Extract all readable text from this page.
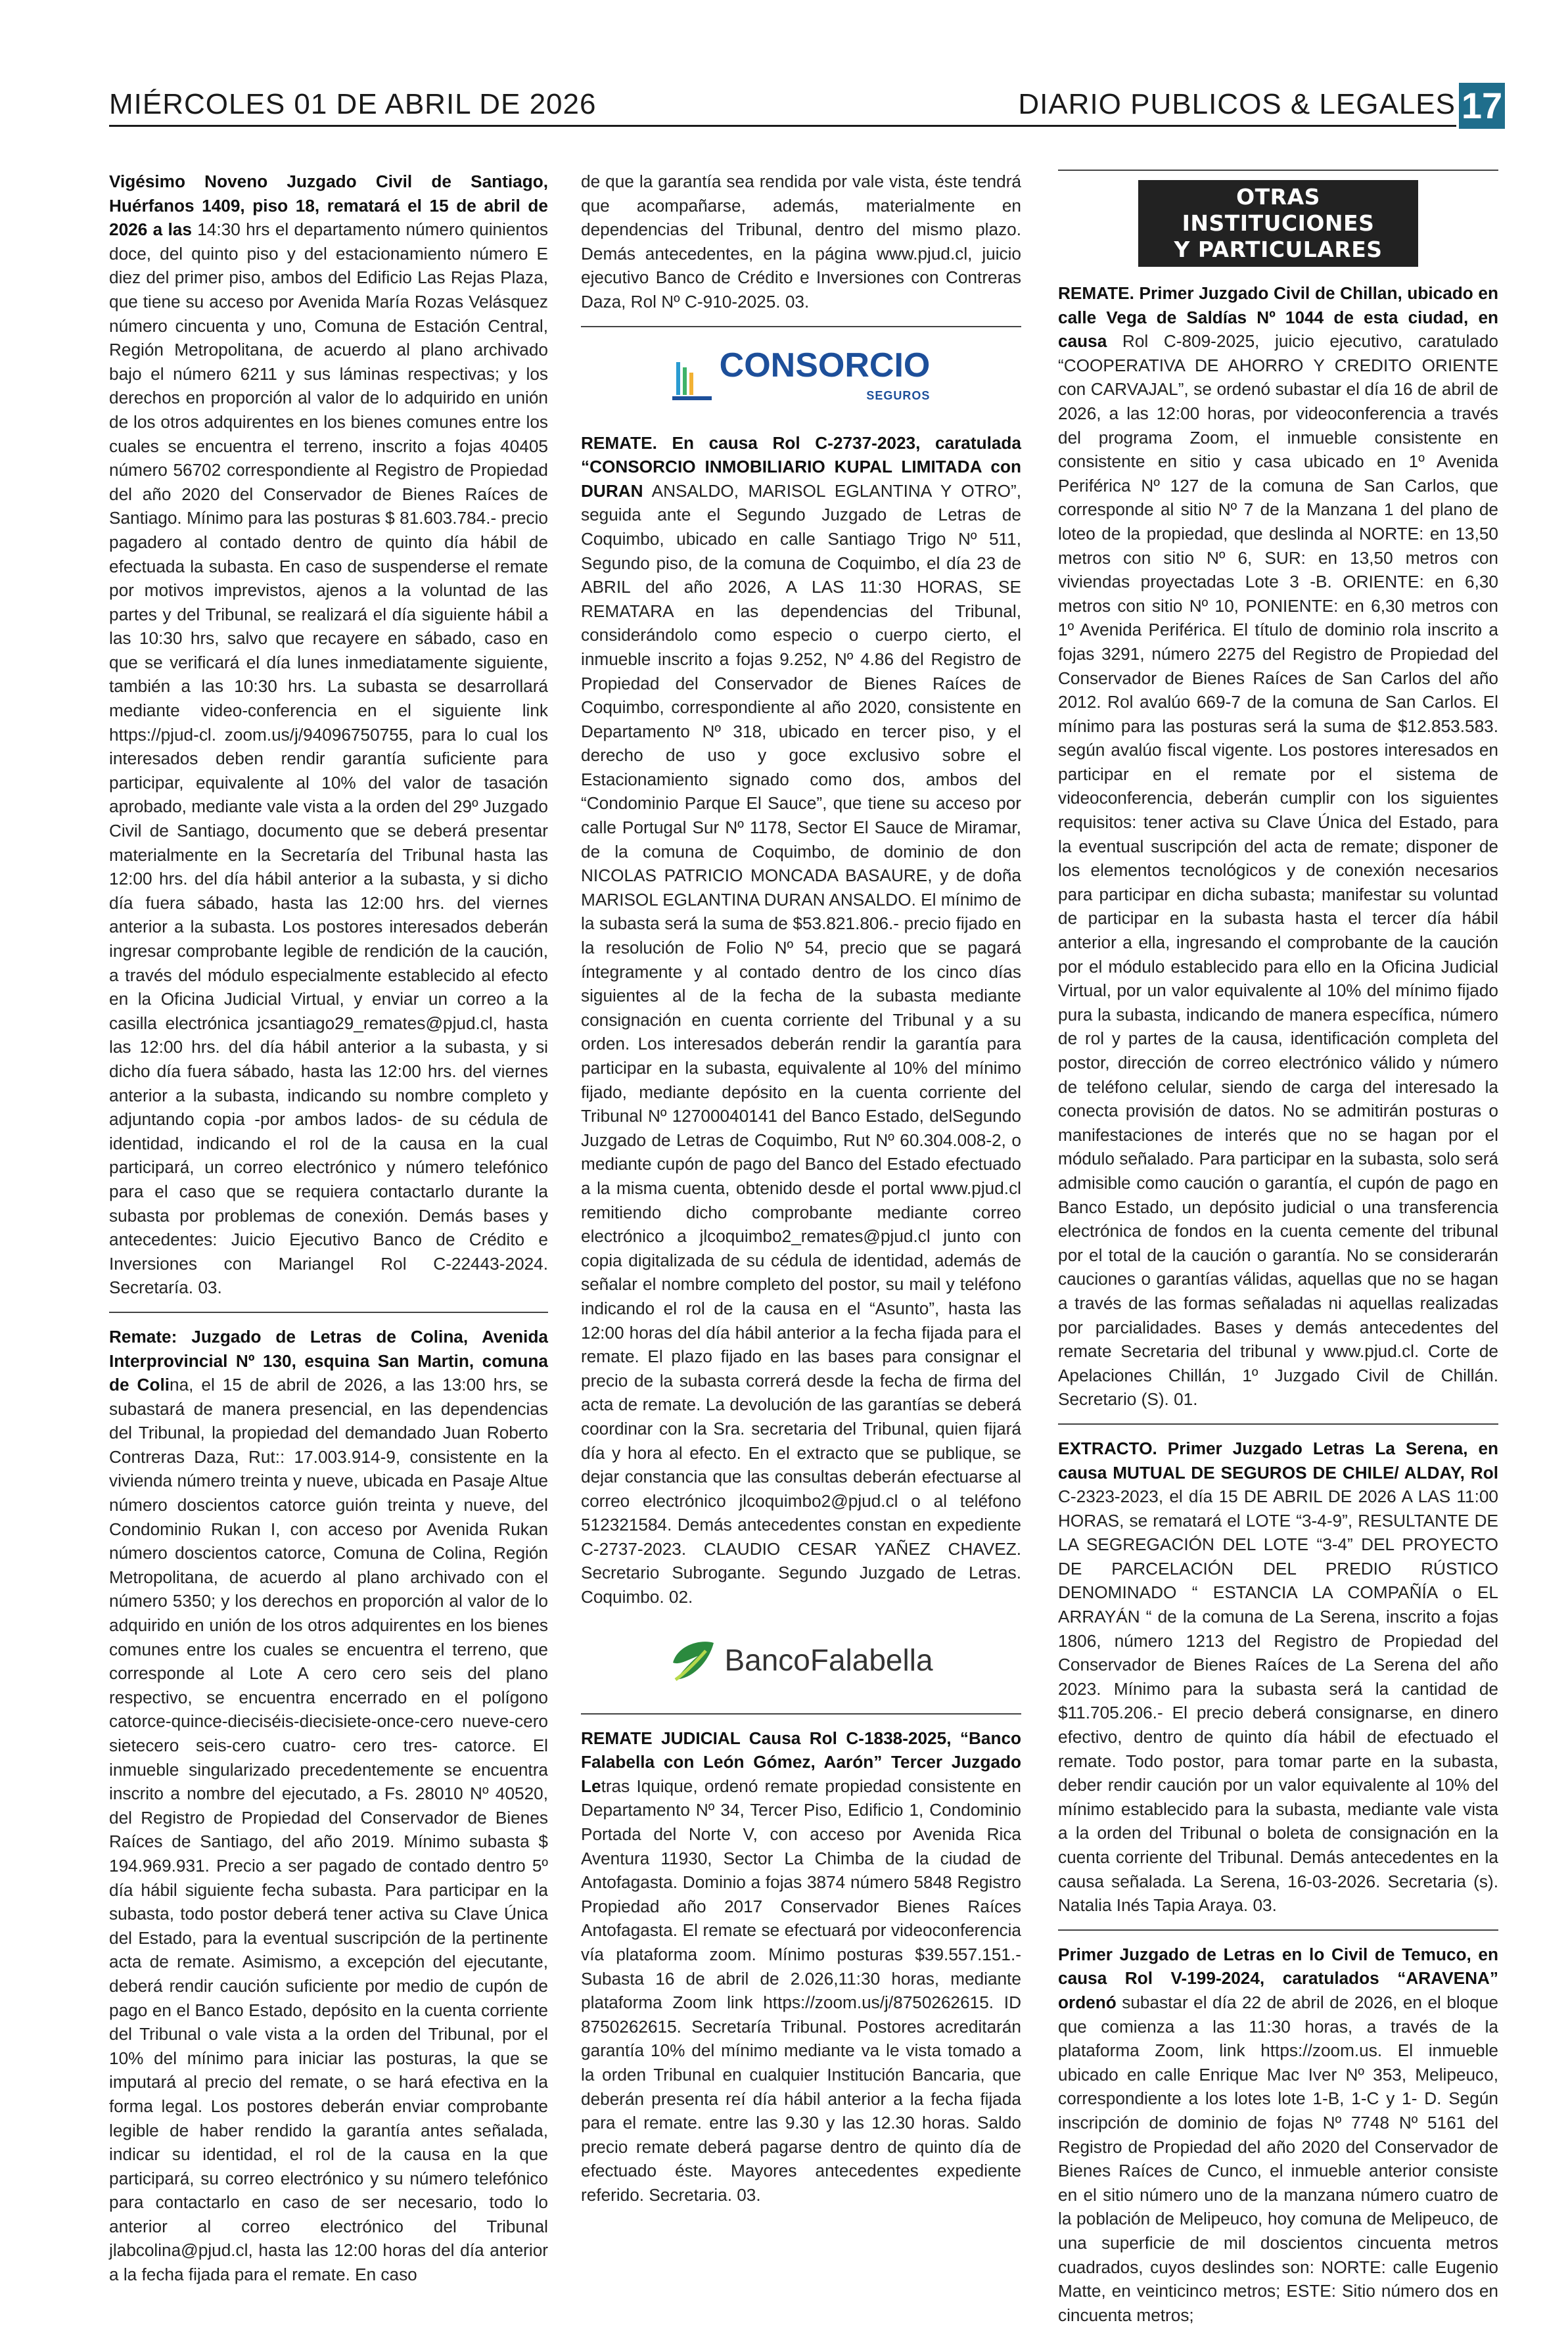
MIÉRCOLES 01 DE ABRIL DE 2026	DIARIO PUBLICOS & LEGALES 17

Vigésimo Noveno Juzgado Civil de Santiago, Huérfanos 1409, piso 18, rematará el 15 de abril de 2026 a las 14:30 hrs el departamento número quinientos doce, del quinto piso y del estacionamiento número E diez del primer piso, ambos del Edificio Las Rejas Plaza, que tiene su acceso por Avenida María Rozas Velásquez número cincuenta y uno, Comuna de Estación Central, Región Metropolitana, de acuerdo al plano archivado bajo el número 6211 y sus láminas respectivas; y los derechos en proporción al valor de lo adquirido en unión de los otros adquirentes en los bienes comunes entre los cuales se encuentra el terreno, inscrito a fojas 40405 número 56702 correspondiente al Registro de Propiedad del año 2020 del Conservador de Bienes Raíces de Santiago. Mínimo para las posturas $ 81.603.784.- precio pagadero al contado dentro de quinto día hábil de efectuada la subasta. En caso de suspenderse el remate por motivos imprevistos, ajenos a la voluntad de las partes y del Tribunal, se realizará el día siguiente hábil a las 10:30 hrs, salvo que recayere en sábado, caso en que se verificará el día lunes inmediatamente siguiente, también a las 10:30 hrs. La subasta se desarrollará mediante video-conferencia en el siguiente link https://pjud-cl. zoom.us/j/94096750755, para lo cual los interesados deben rendir garantía suficiente para participar, equivalente al 10% del valor de tasación aprobado, mediante vale vista a la orden del 29º Juzgado Civil de Santiago, documento que se deberá presentar materialmente en la Secretaría del Tribunal hasta las 12:00 hrs. del día hábil anterior a la subasta, y si dicho día fuera sábado, hasta las 12:00 hrs. del viernes anterior a la subasta. Los postores interesados deberán ingresar comprobante legible de rendición de la caución, a través del módulo especialmente establecido al efecto en la Oficina Judicial Virtual, y enviar un correo a la casilla electrónica jcsantiago29_remates@pjud.cl, hasta las 12:00 hrs. del día hábil anterior a la subasta, y si dicho día fuera sábado, hasta las 12:00 hrs. del viernes anterior a la subasta, indicando su nombre completo y adjuntando copia -por ambos lados- de su cédula de identidad, indicando el rol de la causa en la cual participará, un correo electrónico y número telefónico para el caso que se requiera contactarlo durante la subasta por problemas de conexión. Demás bases y antecedentes: Juicio Ejecutivo Banco de Crédito e Inversiones con Mariangel Rol C-22443-2024. Secretaría. 03.

Remate: Juzgado de Letras de Colina, Avenida Interprovincial Nº 130, esquina San Martin, comuna de Colina, el 15 de abril de 2026, a las 13:00 hrs, se subastará de manera presencial, en las dependencias del Tribunal, la propiedad del demandado Juan Roberto Contreras Daza, Rut:: 17.003.914-9, consistente en la vivienda número treinta y nueve, ubicada en Pasaje Altue número doscientos catorce guión treinta y nueve, del Condominio Rukan I, con acceso por Avenida Rukan número doscientos catorce, Comuna de Colina, Región Metropolitana, de acuerdo al plano archivado con el número 5350; y los derechos en proporción al valor de lo adquirido en unión de los otros adquirentes en los bienes comunes entre los cuales se encuentra el terreno, que corresponde al Lote A cero cero seis del plano respectivo, se encuentra encerrado en el polígono catorce-quince-dieciséis-diecisiete-once-cero nueve-cero sietecero seis-cero cuatro- cero tres- catorce. El inmueble singularizado precedentemente se encuentra inscrito a nombre del ejecutado, a Fs. 28010 Nº 40520, del Registro de Propiedad del Conservador de Bienes Raíces de Santiago, del año 2019. Mínimo subasta $ 194.969.931. Precio a ser pagado de contado dentro 5º día hábil siguiente fecha subasta. Para participar en la subasta, todo postor deberá tener activa su Clave Única del Estado, para la eventual suscripción de la pertinente acta de remate. Asimismo, a excepción del ejecutante, deberá rendir caución suficiente por medio de cupón de pago en el Banco Estado, depósito en la cuenta corriente del Tribunal o vale vista a la orden del Tribunal, por el 10% del mínimo para iniciar las posturas, la que se imputará al precio del remate, o se hará efectiva en la forma legal. Los postores deberán enviar comprobante legible de haber rendido la garantía antes señalada, indicar su identidad, el rol de la causa en la que participará, su correo electrónico y su número telefónico para contactarlo en caso de ser necesario, todo lo anterior al correo electrónico del Tribunal jlabcolina@pjud.cl, hasta las 12:00 horas del día anterior a la fecha fijada para el remate. En caso

de que la garantía sea rendida por vale vista, éste tendrá que acompañarse, además, materialmente en dependencias del Tribunal, dentro del mismo plazo. Demás antecedentes, en la página www.pjud.cl, juicio ejecutivo Banco de Crédito e Inversiones con Contreras Daza, Rol Nº C-910-2025. 03.

CONSORCIO
SEGUROS

REMATE. En causa Rol C-2737-2023, caratulada “CONSORCIO INMOBILIARIO KUPAL LIMITADA con DURAN ANSALDO, MARISOL EGLANTINA Y OTRO”, seguida ante el Segundo Juzgado de Letras de Coquimbo, ubicado en calle Santiago Trigo Nº 511, Segundo piso, de la comuna de Coquimbo, el día 23 de ABRIL del año 2026, A LAS 11:30 HORAS, SE REMATARA en las dependencias del Tribunal, considerándolo como especio o cuerpo cierto, el inmueble inscrito a fojas 9.252, Nº 4.86 del Registro de Propiedad del Conservador de Bienes Raíces de Coquimbo, correspondiente al año 2020, consistente en Departamento Nº 318, ubicado en tercer piso, y el derecho de uso y goce exclusivo sobre el Estacionamiento signado como dos, ambos del “Condominio Parque El Sauce”, que tiene su acceso por calle Portugal Sur Nº 1178, Sector El Sauce de Miramar, de la comuna de Coquimbo, de dominio de don NICOLAS PATRICIO MONCADA BASAURE, y de doña MARISOL EGLANTINA DURAN ANSALDO. El mínimo de la subasta será la suma de $53.821.806.- precio fijado en la resolución de Folio Nº 54, precio que se pagará íntegramente y al contado dentro de los cinco días siguientes al de la fecha de la subasta mediante consignación en cuenta corriente del Tribunal y a su orden. Los interesados deberán rendir la garantía para participar en la subasta, equivalente al 10% del mínimo fijado, mediante depósito en la cuenta corriente del Tribunal Nº 12700040141 del Banco Estado, delSegundo Juzgado de Letras de Coquimbo, Rut Nº 60.304.008-2, o mediante cupón de pago del Banco del Estado efectuado a la misma cuenta, obtenido desde el portal www.pjud.cl remitiendo dicho comprobante mediante correo electrónico a jlcoquimbo2_remates@pjud.cl junto con copia digitalizada de su cédula de identidad, además de señalar el nombre completo del postor, su mail y teléfono indicando el rol de la causa en el “Asunto”, hasta las 12:00 horas del día hábil anterior a la fecha fijada para el remate. El plazo fijado en las bases para consignar el precio de la subasta correrá desde la fecha de firma del acta de remate. La devolución de las garantías se deberá coordinar con la Sra. secretaria del Tribunal, quien fijará día y hora al efecto. En el extracto que se publique, se dejar constancia que las consultas deberán efectuarse al correo electrónico jlcoquimbo2@pjud.cl o al teléfono 512321584. Demás antecedentes constan en expediente C-2737-2023. CLAUDIO CESAR YAÑEZ CHAVEZ. Secretario Subrogante. Segundo Juzgado de Letras. Coquimbo. 02.

BancoFalabella

REMATE JUDICIAL Causa Rol C-1838-2025, “Banco Falabella con León Gómez, Aarón” Tercer Juzgado Letras Iquique, ordenó remate propiedad consistente en Departamento Nº 34, Tercer Piso, Edificio 1, Condominio Portada del Norte V, con acceso por Avenida Rica Aventura 11930, Sector La Chimba de la ciudad de Antofagasta. Dominio a fojas 3874 número 5848 Registro Propiedad año 2017 Conservador Bienes Raíces Antofagasta. El remate se efectuará por videoconferencia vía plataforma zoom. Mínimo posturas $39.557.151.- Subasta 16 de abril de 2.026,11:30 horas, mediante plataforma Zoom link https://zoom.us/j/8750262615. ID 8750262615. Secretaría Tribunal. Postores acreditarán garantía 10% del mínimo mediante va le vista tomado a la orden Tribunal en cualquier Institución Bancaria, que deberán presenta reí día hábil anterior a la fecha fijada para el remate. entre las 9.30 y las 12.30 horas. Saldo precio remate deberá pagarse dentro de quinto día de efectuado éste. Mayores antecedentes expediente referido. Secretaria. 03.

OTRAS INSTITUCIONES
Y PARTICULARES

REMATE. Primer Juzgado Civil de Chillan, ubicado en calle Vega de Saldías Nº 1044 de esta ciudad, en causa Rol C-809-2025, juicio ejecutivo, caratulado “COOPERATIVA DE AHORRO Y CREDITO ORIENTE con CARVAJAL”, se ordenó subastar el día 16 de abril de 2026, a las 12:00 horas, por videoconferencia a través del programa Zoom, el inmueble consistente en consistente en sitio y casa ubicado en 1º Avenida Periférica Nº 127 de la comuna de San Carlos, que corresponde al sitio Nº 7 de la Manzana 1 del plano de loteo de la propiedad, que deslinda al NORTE: en 13,50 metros con sitio Nº 6, SUR: en 13,50 metros con viviendas proyectadas Lote 3 -B. ORIENTE: en 6,30 metros con sitio Nº 10, PONIENTE: en 6,30 metros con 1º Avenida Periférica. El título de dominio rola inscrito a fojas 3291, número 2275 del Registro de Propiedad del Conservador de Bienes Raíces de San Carlos del año 2012. Rol avalúo 669-7 de la comuna de San Carlos. El mínimo para las posturas será la suma de $12.853.583. según avalúo fiscal vigente. Los postores interesados en participar en el remate por el sistema de videoconferencia, deberán cumplir con los siguientes requisitos: tener activa su Clave Única del Estado, para la eventual suscripción del acta de remate; disponer de los elementos tecnológicos y de conexión necesarios para participar en dicha subasta; manifestar su voluntad de participar en la subasta hasta el tercer día hábil anterior a ella, ingresando el comprobante de la caución por el módulo establecido para ello en la Oficina Judicial Virtual, por un valor equivalente al 10% del mínimo fijado pura la subasta, indicando de manera específica, número de rol y partes de la causa, identificación completa del postor, dirección de correo electrónico válido y número de teléfono celular, siendo de carga del interesado la conecta provisión de datos. No se admitirán posturas o manifestaciones de interés que no se hagan por el módulo señalado. Para participar en la subasta, solo será admisible como caución o garantía, el cupón de pago en Banco Estado, un depósito judicial o una transferencia electrónica de fondos en la cuenta cemente del tribunal por el total de la caución o garantía. No se considerarán cauciones o garantías válidas, aquellas que no se hagan a través de las formas señaladas ni aquellas realizadas por parcialidades. Bases y demás antecedentes del remate Secretaria del tribunal y www.pjud.cl. Corte de Apelaciones Chillán, 1º Juzgado Civil de Chillán. Secretario (S). 01.

EXTRACTO. Primer Juzgado Letras La Serena, en causa MUTUAL DE SEGUROS DE CHILE/ ALDAY, Rol C-2323-2023, el día 15 DE ABRIL DE 2026 A LAS 11:00 HORAS, se rematará el LOTE “3-4-9”, RESULTANTE DE LA SEGREGACIÓN DEL LOTE “3-4” DEL PROYECTO DE PARCELACIÓN DEL PREDIO RÚSTICO DENOMINADO “ ESTANCIA LA COMPAÑÍA o EL ARRAYÁN “ de la comuna de La Serena, inscrito a fojas 1806, número 1213 del Registro de Propiedad del Conservador de Bienes Raíces de La Serena del año 2023. Mínimo para la subasta será la cantidad de $11.705.206.- El precio deberá consignarse, en dinero efectivo, dentro de quinto día hábil de efectuado el remate. Todo postor, para tomar parte en la subasta, deber rendir caución por un valor equivalente al 10% del mínimo establecido para la subasta, mediante vale vista a la orden del Tribunal o boleta de consignación en la cuenta corriente del Tribunal. Demás antecedentes en la causa señalada. La Serena, 16-03-2026. Secretaria (s). Natalia Inés Tapia Araya. 03.

Primer Juzgado de Letras en lo Civil de Temuco, en causa Rol V-199-2024, caratulados “ARAVENA” ordenó subastar el día 22 de abril de 2026, en el bloque que comienza a las 11:30 horas, a través de la plataforma Zoom, link https://zoom.us. El inmueble ubicado en calle Enrique Mac Iver Nº 353, Melipeuco, correspondiente a los lotes lote 1-B, 1-C y 1- D. Según inscripción de dominio de fojas Nº 7748 Nº 5161 del Registro de Propiedad del año 2020 del Conservador de Bienes Raíces de Cunco, el inmueble anterior consiste en el sitio número uno de la manzana número cuatro de la población de Melipeuco, hoy comuna de Melipeuco, de una superficie de mil doscientos cincuenta metros cuadrados, cuyos deslindes son: NORTE: calle Eugenio Matte, en veinticinco metros; ESTE: Sitio número dos en cincuenta metros;
